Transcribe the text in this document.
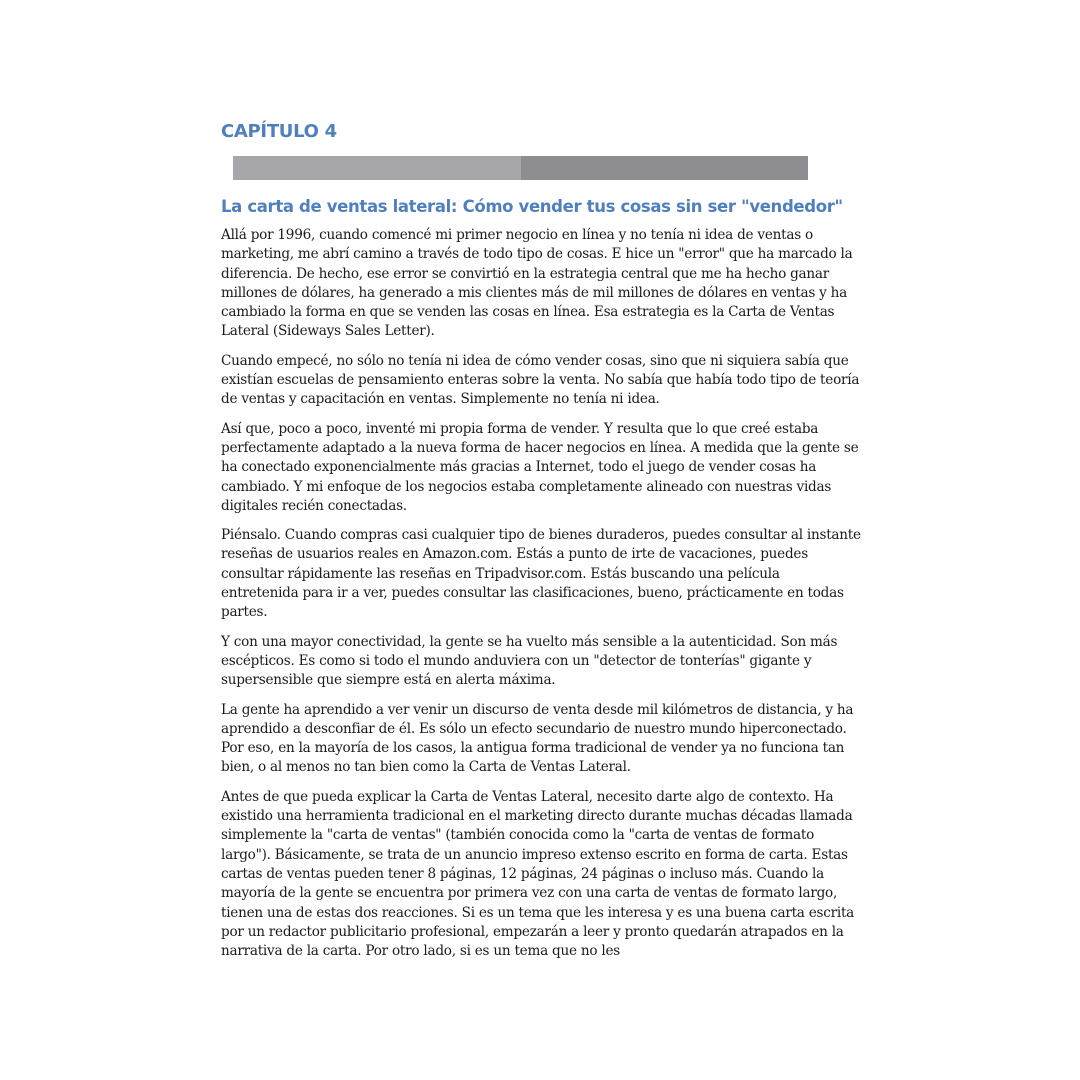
CAPÍTULO 4
La carta de ventas lateral: Cómo vender tus cosas sin ser "vendedor"

Allá por 1996, cuando comencé mi primer negocio en línea y no tenía ni idea de ventas o marketing, me abrí camino a través de todo tipo de cosas. E hice un "error" que ha marcado la diferencia. De hecho, ese error se convirtió en la estrategia central que me ha hecho ganar millones de dólares, ha generado a mis clientes más de mil millones de dólares en ventas y ha cambiado la forma en que se venden las cosas en línea. Esa estrategia es la Carta de Ventas Lateral (Sideways Sales Letter).

Cuando empecé, no sólo no tenía ni idea de cómo vender cosas, sino que ni siquiera sabía que existían escuelas de pensamiento enteras sobre la venta. No sabía que había todo tipo de teoría de ventas y capacitación en ventas. Simplemente no tenía ni idea.

Así que, poco a poco, inventé mi propia forma de vender. Y resulta que lo que creé estaba perfectamente adaptado a la nueva forma de hacer negocios en línea. A medida que la gente se ha conectado exponencialmente más gracias a Internet, todo el juego de vender cosas ha cambiado. Y mi enfoque de los negocios estaba completamente alineado con nuestras vidas digitales recién conectadas.

Piénsalo. Cuando compras casi cualquier tipo de bienes duraderos, puedes consultar al instante reseñas de usuarios reales en Amazon.com. Estás a punto de irte de vacaciones, puedes consultar rápidamente las reseñas en Tripadvisor.com. Estás buscando una película entretenida para ir a ver, puedes consultar las clasificaciones, bueno, prácticamente en todas partes.

Y con una mayor conectividad, la gente se ha vuelto más sensible a la autenticidad. Son más escépticos. Es como si todo el mundo anduviera con un "detector de tonterías" gigante y supersensible que siempre está en alerta máxima.

La gente ha aprendido a ver venir un discurso de venta desde mil kilómetros de distancia, y ha aprendido a desconfiar de él. Es sólo un efecto secundario de nuestro mundo hiperconectado. Por eso, en la mayoría de los casos, la antigua forma tradicional de vender ya no funciona tan bien, o al menos no tan bien como la Carta de Ventas Lateral.

Antes de que pueda explicar la Carta de Ventas Lateral, necesito darte algo de contexto. Ha existido una herramienta tradicional en el marketing directo durante muchas décadas llamada simplemente la "carta de ventas" (también conocida como la "carta de ventas de formato largo"). Básicamente, se trata de un anuncio impreso extenso escrito en forma de carta. Estas cartas de ventas pueden tener 8 páginas, 12 páginas, 24 páginas o incluso más. Cuando la mayoría de la gente se encuentra por primera vez con una carta de ventas de formato largo, tienen una de estas dos reacciones. Si es un tema que les interesa y es una buena carta escrita por un redactor publicitario profesional, empezarán a leer y pronto quedarán atrapados en la narrativa de la carta. Por otro lado, si es un tema que no les
